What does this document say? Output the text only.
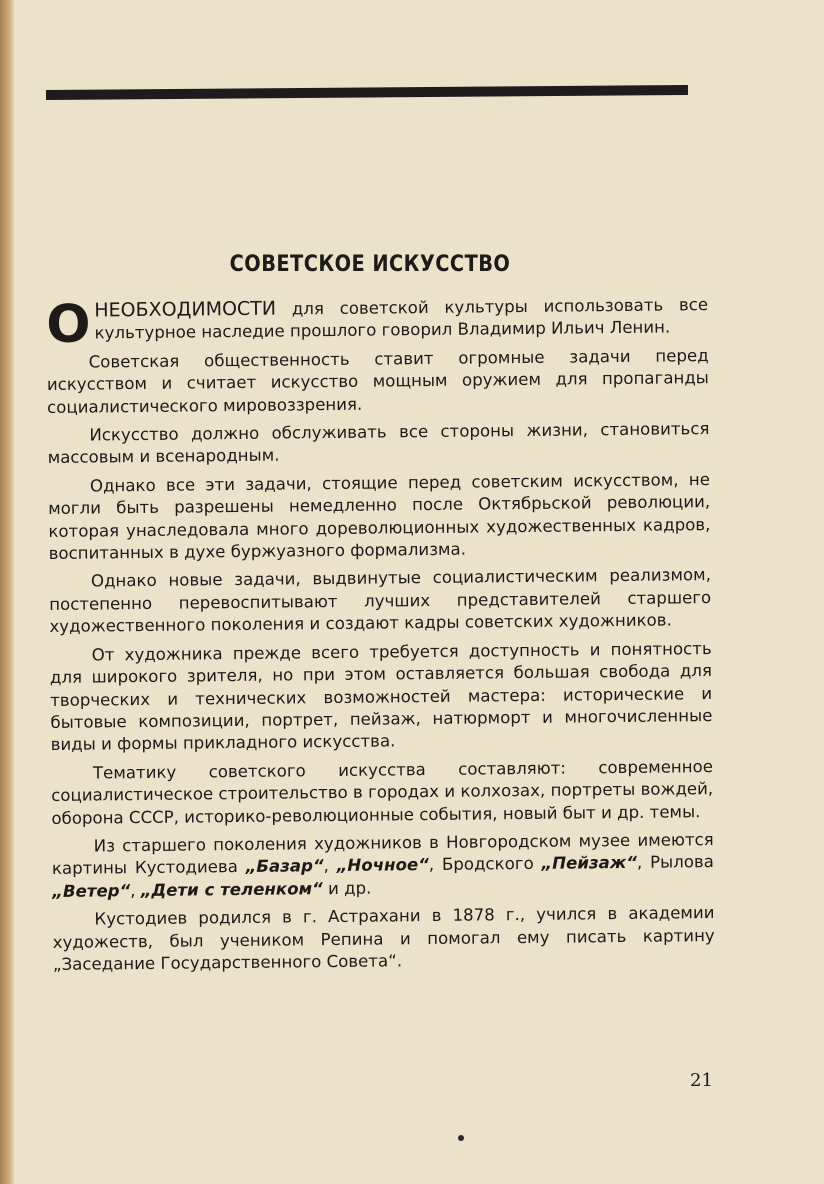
СОВЕТСКОЕ ИСКУССТВО

ОНЕОБХОДИМОСТИ для советской культуры использовать все культурное наследие прошлого говорил Владимир Ильич Ленин.

Советская общественность ставит огромные задачи перед искусством и считает искусство мощным оружием для пропаганды социалистического мировоззрения.

Искусство должно обслуживать все стороны жизни, становиться массовым и всенародным.

Однако все эти задачи, стоящие перед советским искусством, не могли быть разрешены немедленно после Октябрьской революции, которая унаследовала много дореволюционных художественных кадров, воспитанных в духе буржуазного формализма.

Однако новые задачи, выдвинутые социалистическим реализмом, постепенно перевоспитывают лучших представителей старшего художественного поколения и создают кадры советских художников.

От художника прежде всего требуется доступность и понятность для широкого зрителя, но при этом оставляется большая свобода для творческих и технических возможностей мастера: исторические и бытовые композиции, портрет, пейзаж, натюрморт и многочисленные виды и формы прикладного искусства.

Тематику советского искусства составляют: современное социалистическое строительство в городах и колхозах, портреты вождей, оборона СССР, историко-революционные события, новый быт и др. темы.

Из старшего поколения художников в Новгородском музее имеются картины Кустодиева „Базар“, „Ночное“, Бродского „Пейзаж“, Рылова „Ветер“, „Дети с теленком“ и др.

Кустодиев родился в г. Астрахани в 1878 г., учился в академии художеств, был учеником Репина и помогал ему писать картину „Заседание Государственного Совета“.

21
